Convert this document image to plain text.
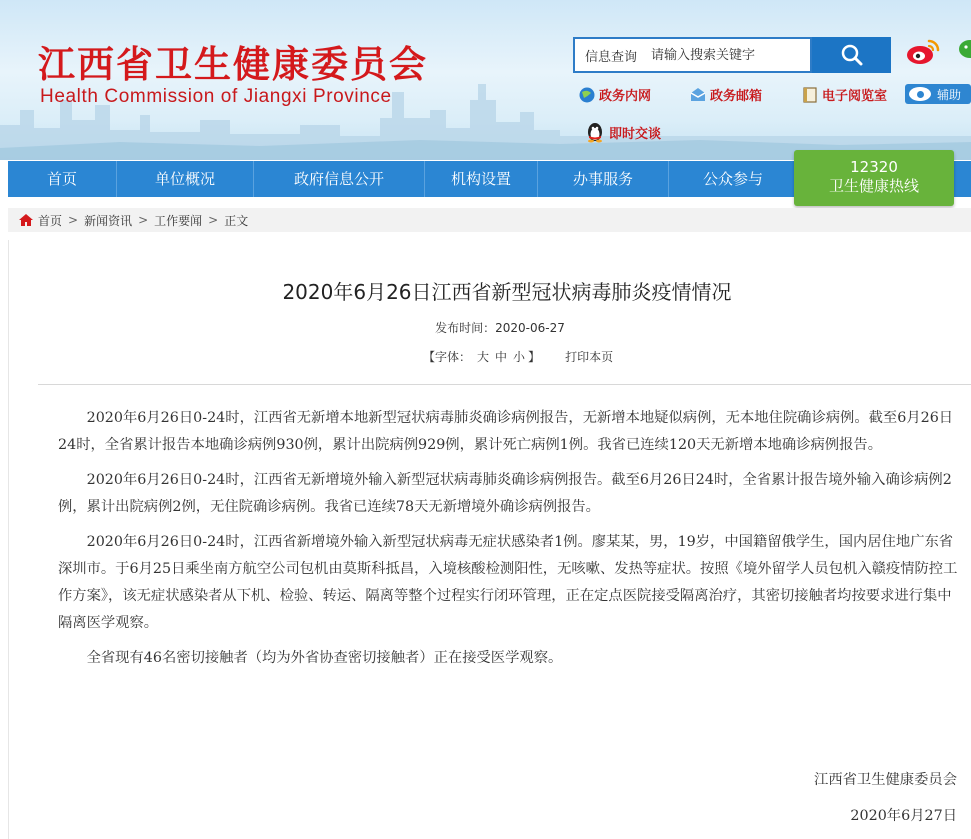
江西省卫生健康委员会
Health Commission of Jiangxi Province
信息查询
请输入搜索关键字
政务内网	政务邮箱	电子阅览室	辅助
即时交谈
首页	单位概况	政府信息公开	机构设置	办事服务	公众参与
12320
卫生健康热线
首页 > 新闻资讯 > 工作要闻 > 正文
2020年6月26日江西省新型冠状病毒肺炎疫情情况
发布时间：2020-06-27
【字体： 大 中 小 】 打印本页

2020年6月26日0-24时，江西省无新增本地新型冠状病毒肺炎确诊病例报告，无新增本地疑似病例，无本地住院确诊病例。截至6月26日24时，全省累计报告本地确诊病例930例，累计出院病例929例，累计死亡病例1例。我省已连续120天无新增本地确诊病例报告。

2020年6月26日0-24时，江西省无新增境外输入新型冠状病毒肺炎确诊病例报告。截至6月26日24时，全省累计报告境外输入确诊病例2例，累计出院病例2例，无住院确诊病例。我省已连续78天无新增境外确诊病例报告。

2020年6月26日0-24时，江西省新增境外输入新型冠状病毒无症状感染者1例。廖某某，男，19岁，中国籍留俄学生，国内居住地广东省深圳市。于6月25日乘坐南方航空公司包机由莫斯科抵昌，入境核酸检测阳性，无咳嗽、发热等症状。按照《境外留学人员包机入赣疫情防控工作方案》，该无症状感染者从下机、检验、转运、隔离等整个过程实行闭环管理，正在定点医院接受隔离治疗，其密切接触者均按要求进行集中隔离医学观察。

全省现有46名密切接触者（均为外省协查密切接触者）正在接受医学观察。

江西省卫生健康委员会
2020年6月27日
